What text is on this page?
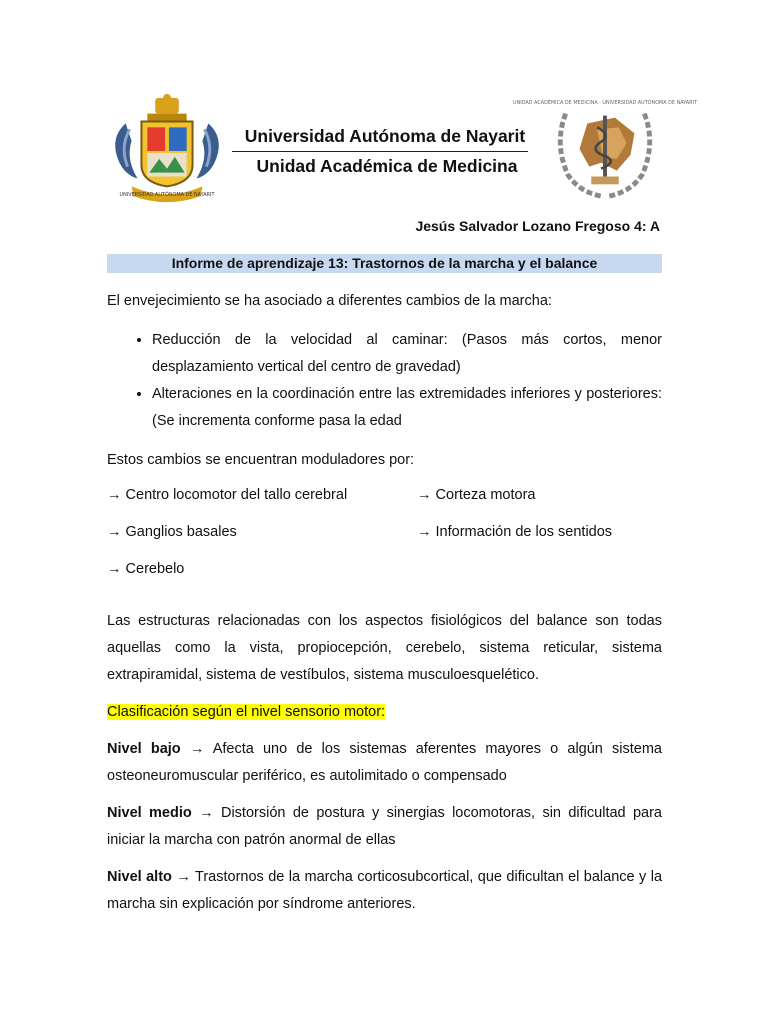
UNIVERSIDAD AUTÓNOMA DE NAYARIT
Universidad Autónoma de Nayarit
Unidad Académica de Medicina
UNIDAD ACADÉMICA DE MEDICINA · UNIVERSIDAD AUTÓNOMA DE NAYARIT
Jesús Salvador Lozano Fregoso 4: A
Informe de aprendizaje 13: Trastornos de la marcha y el balance

El envejecimiento se ha asociado a diferentes cambios de la marcha:

• Reducción de la velocidad al caminar: (Pasos más cortos, menor desplazamiento vertical del centro de gravedad)
• Alteraciones en la coordinación entre las extremidades inferiores y posteriores: (Se incrementa conforme pasa la edad

Estos cambios se encuentran moduladores por:

→ Centro locomotor del tallo cerebral	→ Corteza motora
→ Ganglios basales	→ Información de los sentidos
→ Cerebelo

Las estructuras relacionadas con los aspectos fisiológicos del balance son todas aquellas como la vista, propiocepción, cerebelo, sistema reticular, sistema extrapiramidal, sistema de vestíbulos, sistema musculoesquelético.

Clasificación según el nivel sensorio motor:

Nivel bajo → Afecta uno de los sistemas aferentes mayores o algún sistema osteoneuromuscular periférico, es autolimitado o compensado

Nivel medio → Distorsión de postura y sinergias locomotoras, sin dificultad para iniciar la marcha con patrón anormal de ellas

Nivel alto → Trastornos de la marcha corticosubcortical, que dificultan el balance y la marcha sin explicación por síndrome anteriores.
